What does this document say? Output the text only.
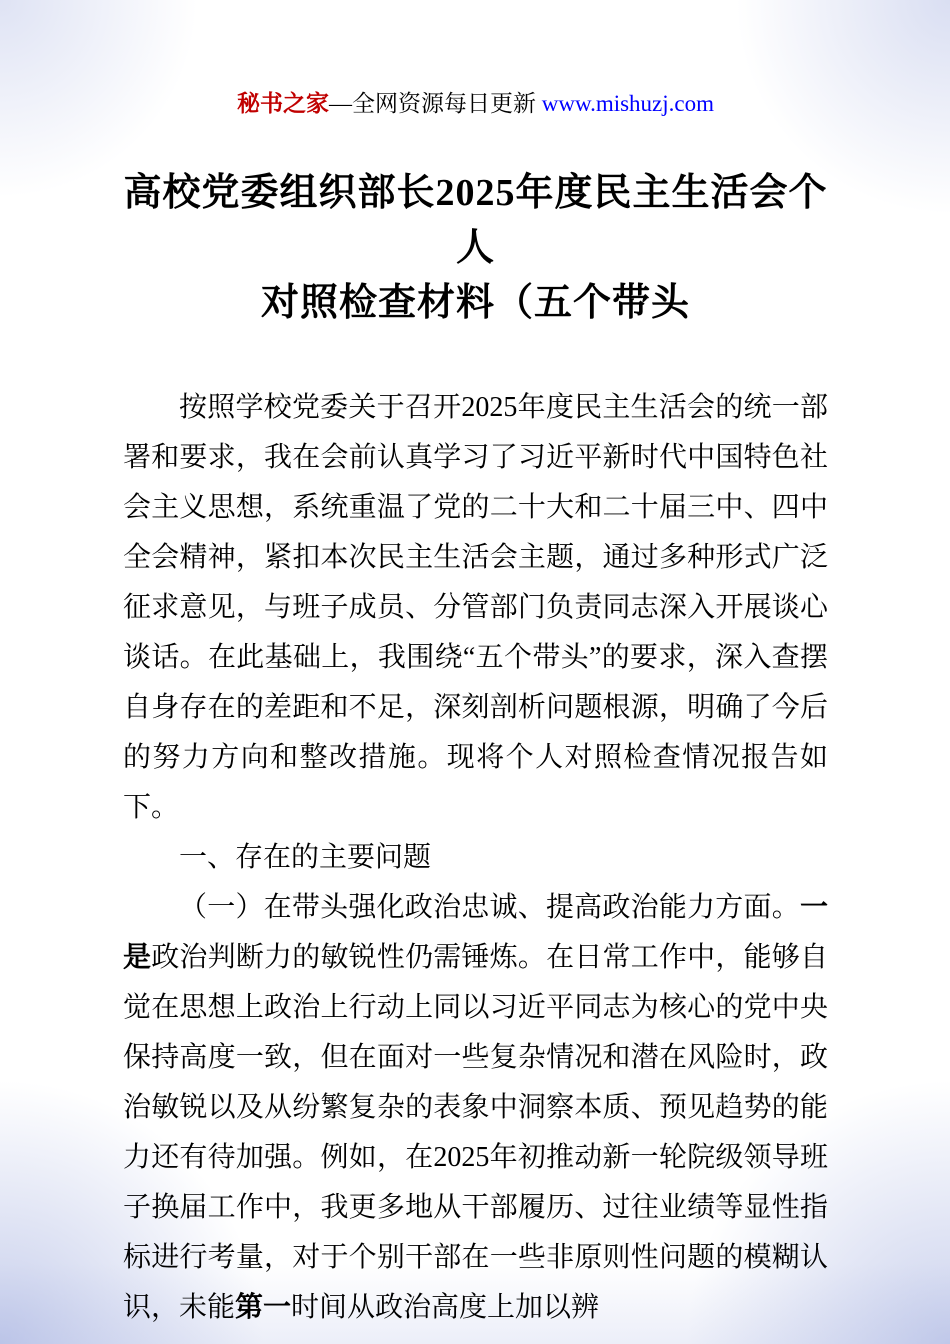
秘书之家—全网资源每日更新 www.mishuzj.com
高校党委组织部长2025年度民主生活会个人
对照检查材料（五个带头

按照学校党委关于召开2025年度民主生活会的统一部署和要求，我在会前认真学习了习近平新时代中国特色社会主义思想，系统重温了党的二十大和二十届三中、四中全会精神，紧扣本次民主生活会主题，通过多种形式广泛征求意见，与班子成员、分管部门负责同志深入开展谈心谈话。在此基础上，我围绕“五个带头”的要求，深入查摆自身存在的差距和不足，深刻剖析问题根源，明确了今后的努力方向和整改措施。现将个人对照检查情况报告如下。

一、存在的主要问题

（一）在带头强化政治忠诚、提高政治能力方面。一是政治判断力的敏锐性仍需锤炼。在日常工作中，能够自觉在思想上政治上行动上同以习近平同志为核心的党中央保持高度一致，但在面对一些复杂情况和潜在风险时，政治敏锐以及从纷繁复杂的表象中洞察本质、预见趋势的能力还有待加强。例如，在2025年初推动新一轮院级领导班子换届工作中，我更多地从干部履历、过往业绩等显性指标进行考量，对于个别干部在一些非原则性问题的模糊认识，未能第一时间从政治高度上加以辨
